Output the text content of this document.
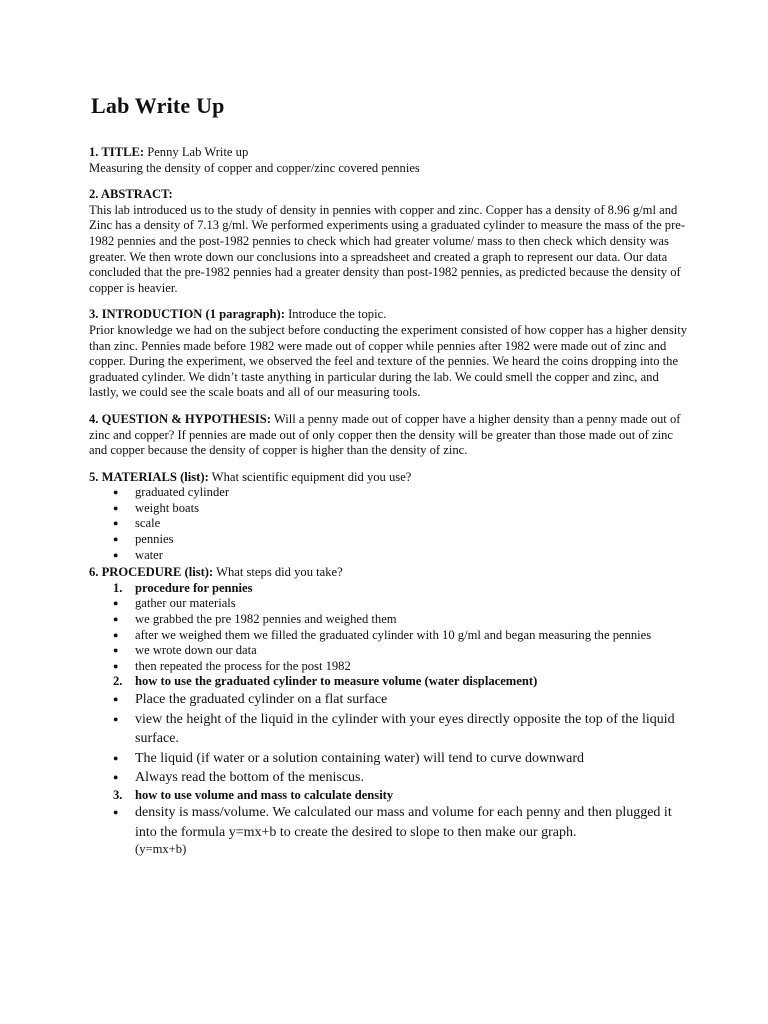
Lab Write Up

1. TITLE: Penny Lab Write up

Measuring the density of copper and copper/zinc covered pennies

2. ABSTRACT:

This lab introduced us to the study of density in pennies with copper and zinc. Copper has a density of 8.96 g/ml and Zinc has a density of 7.13 g/ml. We performed experiments using a graduated cylinder to measure the mass of the pre-1982 pennies and the post-1982 pennies to check which had greater volume/ mass to then check which density was greater. We then wrote down our conclusions into a spreadsheet and created a graph to represent our data. Our data concluded that the pre-1982 pennies had a greater density than post-1982 pennies, as predicted because the density of copper is heavier.

3. INTRODUCTION (1 paragraph): Introduce the topic.

Prior knowledge we had on the subject before conducting the experiment consisted of how copper has a higher density than zinc. Pennies made before 1982 were made out of copper while pennies after 1982 were made out of zinc and copper. During the experiment, we observed the feel and texture of the pennies. We heard the coins dropping into the graduated cylinder. We didn’t taste anything in particular during the lab. We could smell the copper and zinc, and lastly, we could see the scale boats and all of our measuring tools.

4. QUESTION & HYPOTHESIS: Will a penny made out of copper have a higher density than a penny made out of zinc and copper? If pennies are made out of only copper then the density will be greater than those made out of zinc and copper because the density of copper is higher than the density of zinc.

5. MATERIALS (list): What scientific equipment did you use?

● graduated cylinder
● weight boats
● scale
● pennies
● water

6. PROCEDURE (list): What steps did you take?

1. procedure for pennies
● gather our materials
● we grabbed the pre 1982 pennies and weighed them
● after we weighed them we filled the graduated cylinder with 10 g/ml and began measuring the pennies
● we wrote down our data
● then repeated the process for the post 1982
2. how to use the graduated cylinder to measure volume (water displacement)
● Place the graduated cylinder on a flat surface
● view the height of the liquid in the cylinder with your eyes directly opposite the top of the liquid surface.
● The liquid (if water or a solution containing water) will tend to curve downward
● Always read the bottom of the meniscus.
3. how to use volume and mass to calculate density
● density is mass/volume. We calculated our mass and volume for each penny and then plugged it into the formula y=mx+b to create the desired to slope to then make our graph.
(y=mx+b)
